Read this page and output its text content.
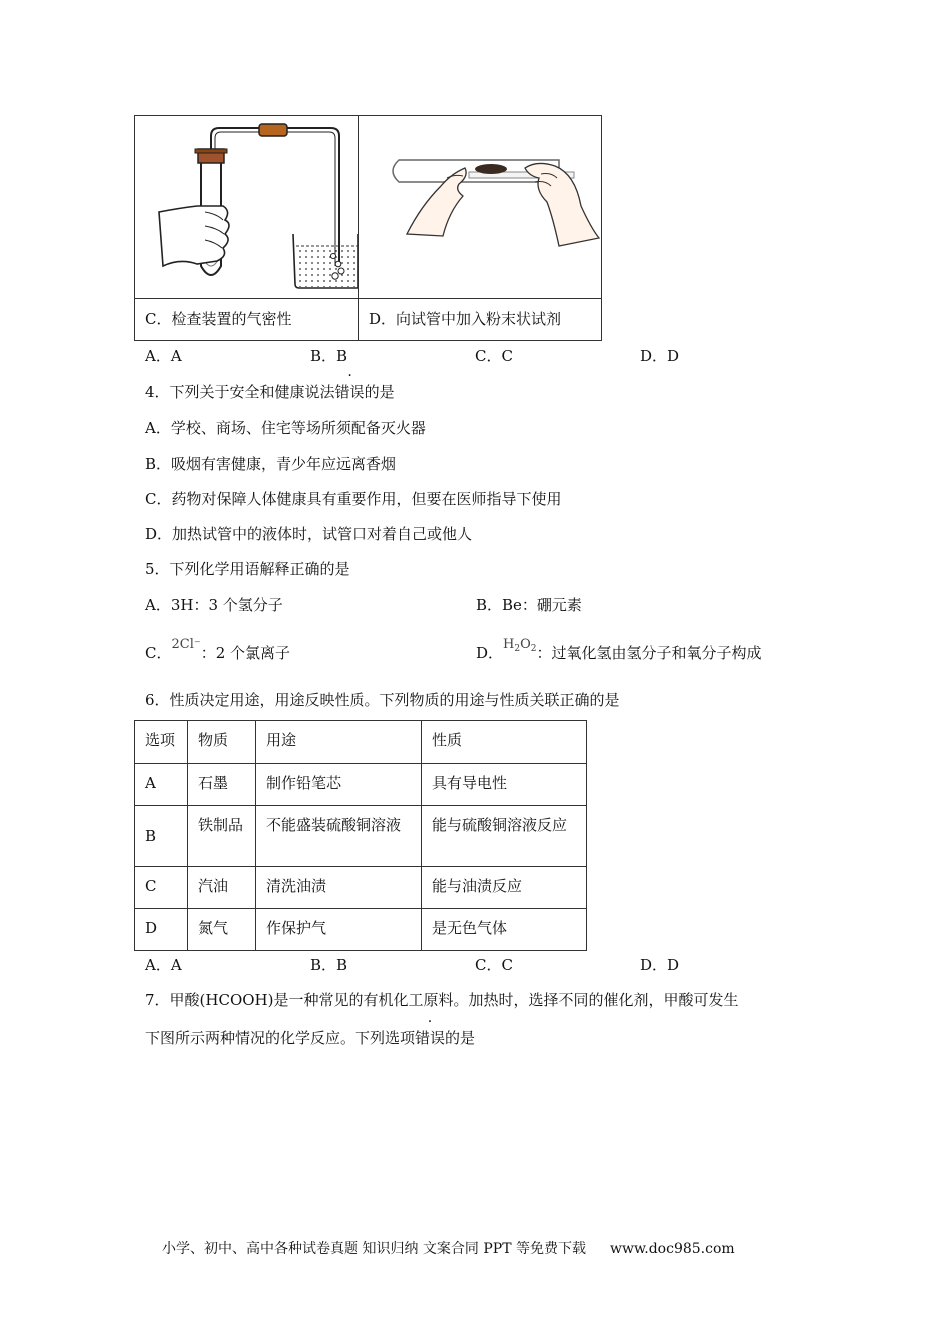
C．检查装置的气密性	D．向试管中加入粉末状试剂
A．A	B．B	C．C	D．D
4．下列关于安全和健康说法错误的是
A．学校、商场、住宅等场所须配备灭火器
B．吸烟有害健康，青少年应远离香烟
C．药物对保障人体健康具有重要作用，但要在医师指导下使用
D．加热试管中的液体时，试管口对着自己或他人
5．下列化学用语解释正确的是
A．3H：3 个氢分子	B．Be：硼元素
C．2Cl⁻：2 个氯离子	D．$H_2O_2$：过氧化氢由氢分子和氧分子构成
6．性质决定用途，用途反映性质。下列物质的用途与性质关联正确的是
选项	物质	用途	性质
A	石墨	制作铅笔芯	具有导电性
B	铁制品	不能盛装硫酸铜溶液	能与硫酸铜溶液反应
C	汽油	清洗油渍	能与油渍反应
D	氮气	作保护气	是无色气体
A．A	B．B	C．C	D．D
7．甲酸(HCOOH)是一种常见的有机化工原料。加热时，选择不同的催化剂，甲酸可发生
下图所示两种情况的化学反应。下列选项错误的是
小学、初中、高中各种试卷真题 知识归纳 文案合同 PPT 等免费下载 www.doc985.com
